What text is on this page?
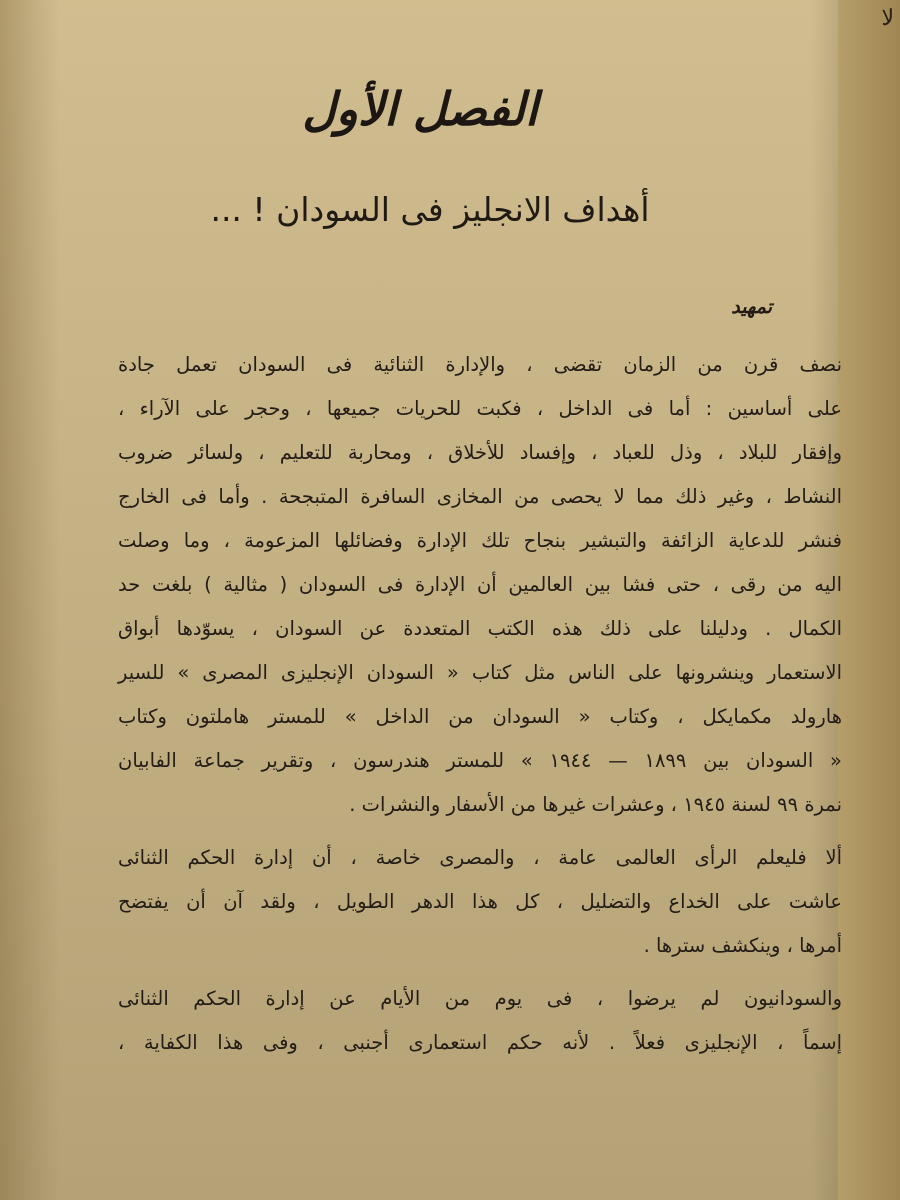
لا
الفصل الأول
أهداف الانجليز فى السودان ! ...
تمهيد
نصف قرن من الزمان تقضى ، والإدارة الثنائية فى السودان تعمل جادة
على أساسين : أما فى الداخل ، فكبت للحريات جميعها ، وحجر على الآراء ،
وإفقار للبلاد ، وذل للعباد ، وإفساد للأخلاق ، ومحاربة للتعليم ، ولسائر ضروب
النشاط ، وغير ذلك مما لا يحصى من المخازى السافرة المتبجحة . وأما فى الخارج
فنشر للدعاية الزائفة والتبشير بنجاح تلك الإدارة وفضائلها المزعومة ، وما وصلت
اليه من رقى ، حتى فشا بين العالمين أن الإدارة فى السودان ( مثالية ) بلغت حد
الكمال . ودليلنا على ذلك هذه الكتب المتعددة عن السودان ، يسوّدها أبواق
الاستعمار وينشرونها على الناس مثل كتاب « السودان الإنجليزى المصرى » للسير
هارولد مكمايكل ، وكتاب « السودان من الداخل » للمستر هاملتون وكتاب
« السودان بين ١٨٩٩ — ١٩٤٤ » للمستر هندرسون ، وتقرير جماعة الفابيان
نمرة ٩٩ لسنة ١٩٤٥ ، وعشرات غيرها من الأسفار والنشرات .
ألا فليعلم الرأى العالمى عامة ، والمصرى خاصة ، أن إدارة الحكم الثنائى
عاشت على الخداع والتضليل ، كل هذا الدهر الطويل ، ولقد آن أن يفتضح
أمرها ، وينكشف سترها .
والسودانيون لم يرضوا ، فى يوم من الأيام عن إدارة الحكم الثنائى
إسماً ، الإنجليزى فعلاً . لأنه حكم استعمارى أجنبى ، وفى هذا الكفاية ،
